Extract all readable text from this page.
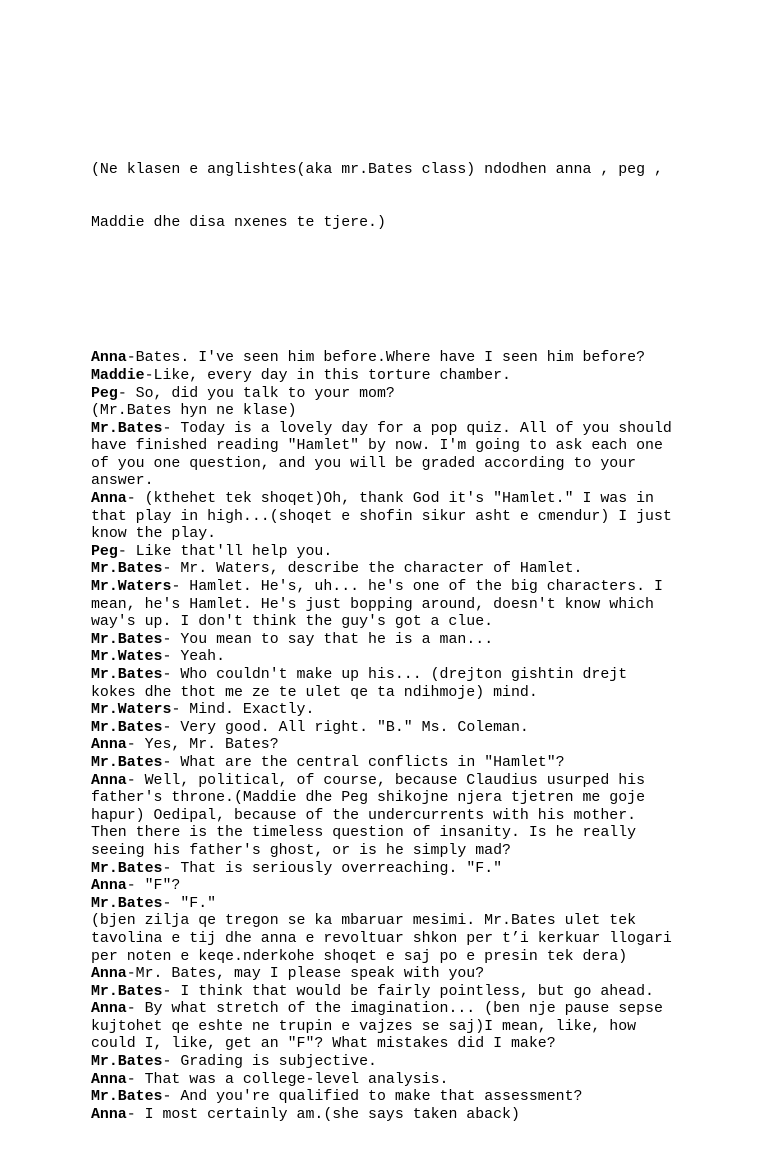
(Ne klasen e anglishtes(aka mr.Bates class) ndodhen anna , peg ,

Maddie dhe disa nxenes te tjere.)

Anna-Bates. I've seen him before.Where have I seen him before?
Maddie-Like, every day in this torture chamber.
Peg- So, did you talk to your mom?
(Mr.Bates hyn ne klase)
Mr.Bates- Today is a lovely day for a pop quiz. All of you should
have finished reading "Hamlet" by now. I'm going to ask each one
of you one question, and you will be graded according to your
answer.
Anna- (kthehet tek shoqet)Oh, thank God it's "Hamlet." I was in
that play in high...(shoqet e shofin sikur asht e cmendur) I just
know the play.
Peg- Like that'll help you.
Mr.Bates- Mr. Waters, describe the character of Hamlet.
Mr.Waters- Hamlet. He's, uh... he's one of the big characters. I
mean, he's Hamlet. He's just bopping around, doesn't know which
way's up. I don't think the guy's got a clue.
Mr.Bates- You mean to say that he is a man...
Mr.Wates- Yeah.
Mr.Bates- Who couldn't make up his... (drejton gishtin drejt
kokes dhe thot me ze te ulet qe ta ndihmoje) mind.
Mr.Waters- Mind. Exactly.
Mr.Bates- Very good. All right. "B." Ms. Coleman.
Anna- Yes, Mr. Bates?
Mr.Bates- What are the central conflicts in "Hamlet"?
Anna- Well, political, of course, because Claudius usurped his
father's throne.(Maddie dhe Peg shikojne njera tjetren me goje
hapur) Oedipal, because of the undercurrents with his mother.
Then there is the timeless question of insanity. Is he really
seeing his father's ghost, or is he simply mad?
Mr.Bates- That is seriously overreaching. "F."
Anna- "F"?
Mr.Bates- "F."
(bjen zilja qe tregon se ka mbaruar mesimi. Mr.Bates ulet tek
tavolina e tij dhe anna e revoltuar shkon per t’i kerkuar llogari
per noten e keqe.nderkohe shoqet e saj po e presin tek dera)
Anna-Mr. Bates, may I please speak with you?
Mr.Bates- I think that would be fairly pointless, but go ahead.
Anna- By what stretch of the imagination... (ben nje pause sepse
kujtohet qe eshte ne trupin e vajzes se saj)I mean, like, how
could I, like, get an "F"? What mistakes did I make?
Mr.Bates- Grading is subjective.
Anna- That was a college-level analysis.
Mr.Bates- And you're qualified to make that assessment?
Anna- I most certainly am.(she says taken aback)
